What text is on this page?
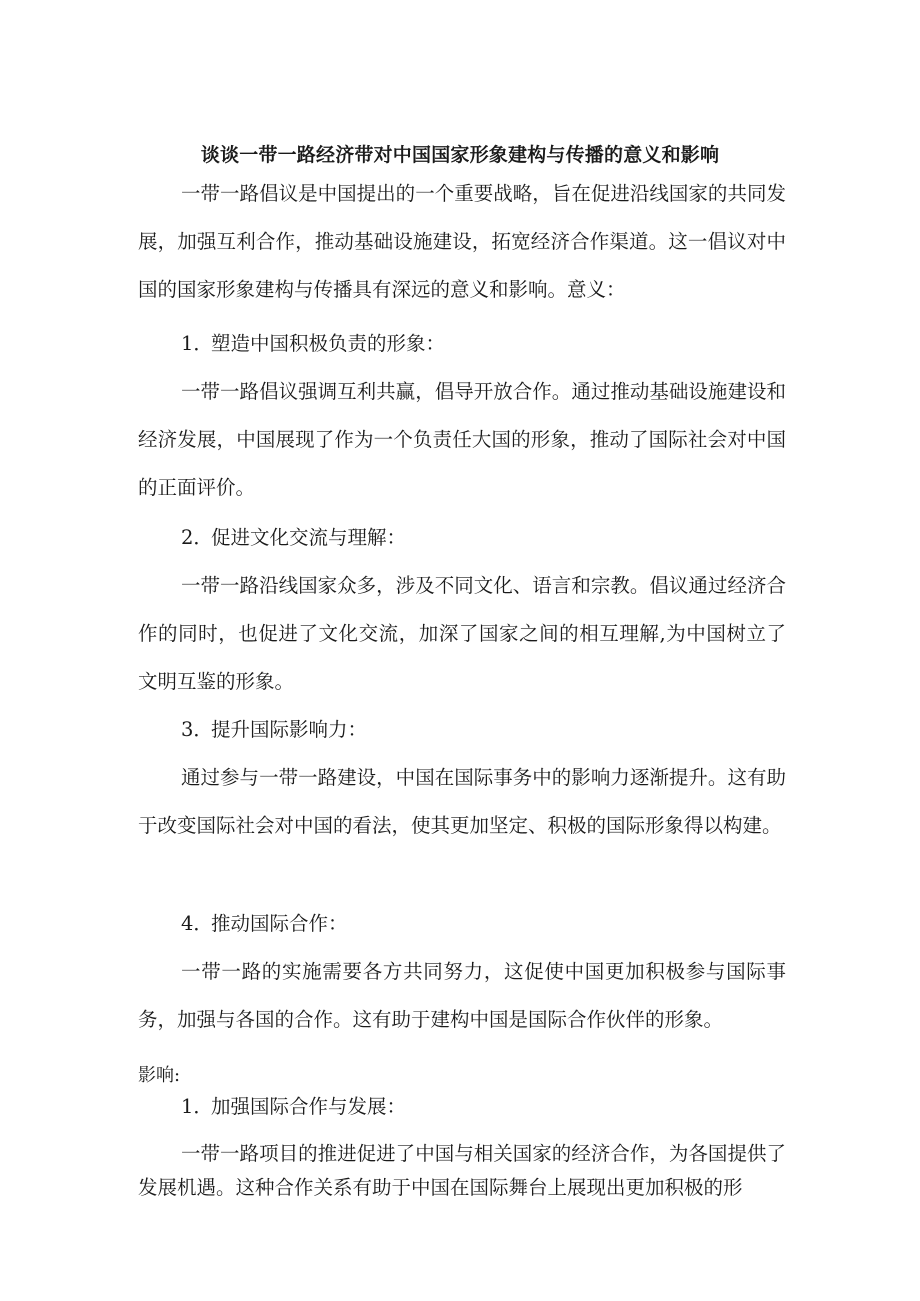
谈谈一带一路经济带对中国国家形象建构与传播的意义和影响

一带一路倡议是中国提出的一个重要战略，旨在促进沿线国家的共同发展，加强互利合作，推动基础设施建设，拓宽经济合作渠道。这一倡议对中国的国家形象建构与传播具有深远的意义和影响。意义：

1．塑造中国积极负责的形象：

一带一路倡议强调互利共赢，倡导开放合作。通过推动基础设施建设和经济发展，中国展现了作为一个负责任大国的形象，推动了国际社会对中国的正面评价。

2．促进文化交流与理解：

一带一路沿线国家众多，涉及不同文化、语言和宗教。倡议通过经济合作的同时，也促进了文化交流，加深了国家之间的相互理解,为中国树立了文明互鉴的形象。

3．提升国际影响力：

通过参与一带一路建设，中国在国际事务中的影响力逐渐提升。这有助于改变国际社会对中国的看法，使其更加坚定、积极的国际形象得以构建。

4．推动国际合作：

一带一路的实施需要各方共同努力，这促使中国更加积极参与国际事务，加强与各国的合作。这有助于建构中国是国际合作伙伴的形象。

影响:

1．加强国际合作与发展：

一带一路项目的推进促进了中国与相关国家的经济合作，为各国提供了发展机遇。这种合作关系有助于中国在国际舞台上展现出更加积极的形
